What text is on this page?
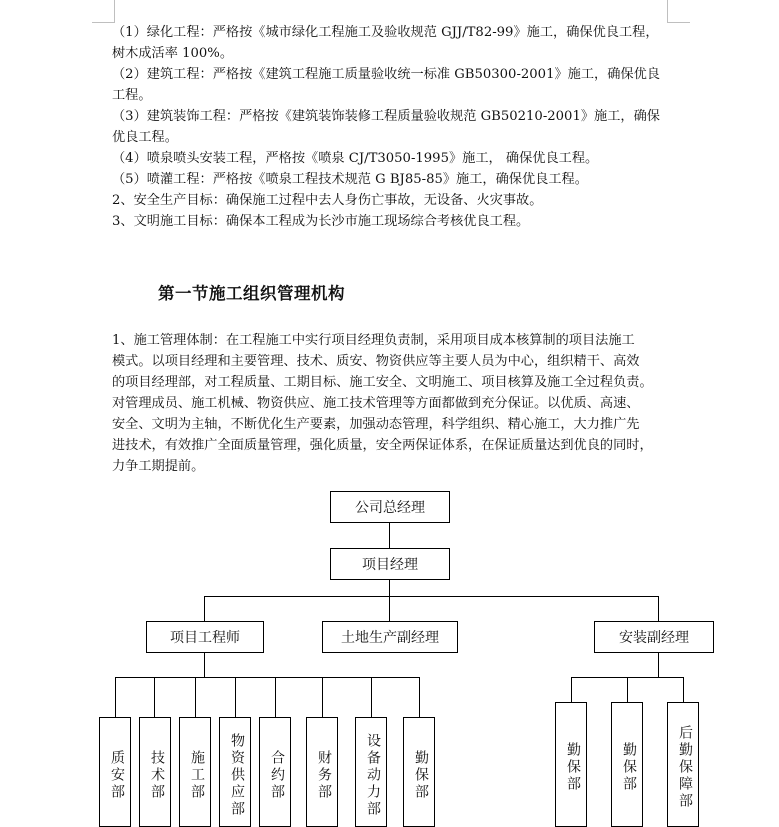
（1）绿化工程：严格按《城市绿化工程施工及验收规范 GJJ/T82-99》施工，确保优良工程，

树木成活率 100%。

（2）建筑工程：严格按《建筑工程施工质量验收统一标准 GB50300-2001》施工，确保优良

工程。

（3）建筑装饰工程：严格按《建筑装饰装修工程质量验收规范 GB50210-2001》施工，确保

优良工程。

（4）喷泉喷头安装工程，严格按《喷泉 CJ/T3050-1995》施工， 确保优良工程。

（5）喷灌工程：严格按《喷泉工程技术规范 G BJ85-85》施工，确保优良工程。

2、安全生产目标：确保施工过程中去人身伤亡事故，无设备、火灾事故。

3、文明施工目标：确保本工程成为长沙市施工现场综合考核优良工程。

第一节施工组织管理机构

1、施工管理体制：在工程施工中实行项目经理负责制，采用项目成本核算制的项目法施工

模式。以项目经理和主要管理、技术、质安、物资供应等主要人员为中心，组织精干、高效

的项目经理部，对工程质量、工期目标、施工安全、文明施工、项目核算及施工全过程负责。

对管理成员、施工机械、物资供应、施工技术管理等方面都做到充分保证。以优质、高速、

安全、文明为主轴，不断优化生产要素，加强动态管理，科学组织、精心施工，大力推广先

进技术，有效推广全面质量管理，强化质量，安全两保证体系，在保证质量达到优良的同时，

力争工期提前。

公司总经理
项目经理
项目工程师	土地生产副经理	安装副经理
质安部	技术部	施工部	物资供应部	合约部	财务部	设备动力部	勤保部	勤保部	勤保部	后勤保障部
